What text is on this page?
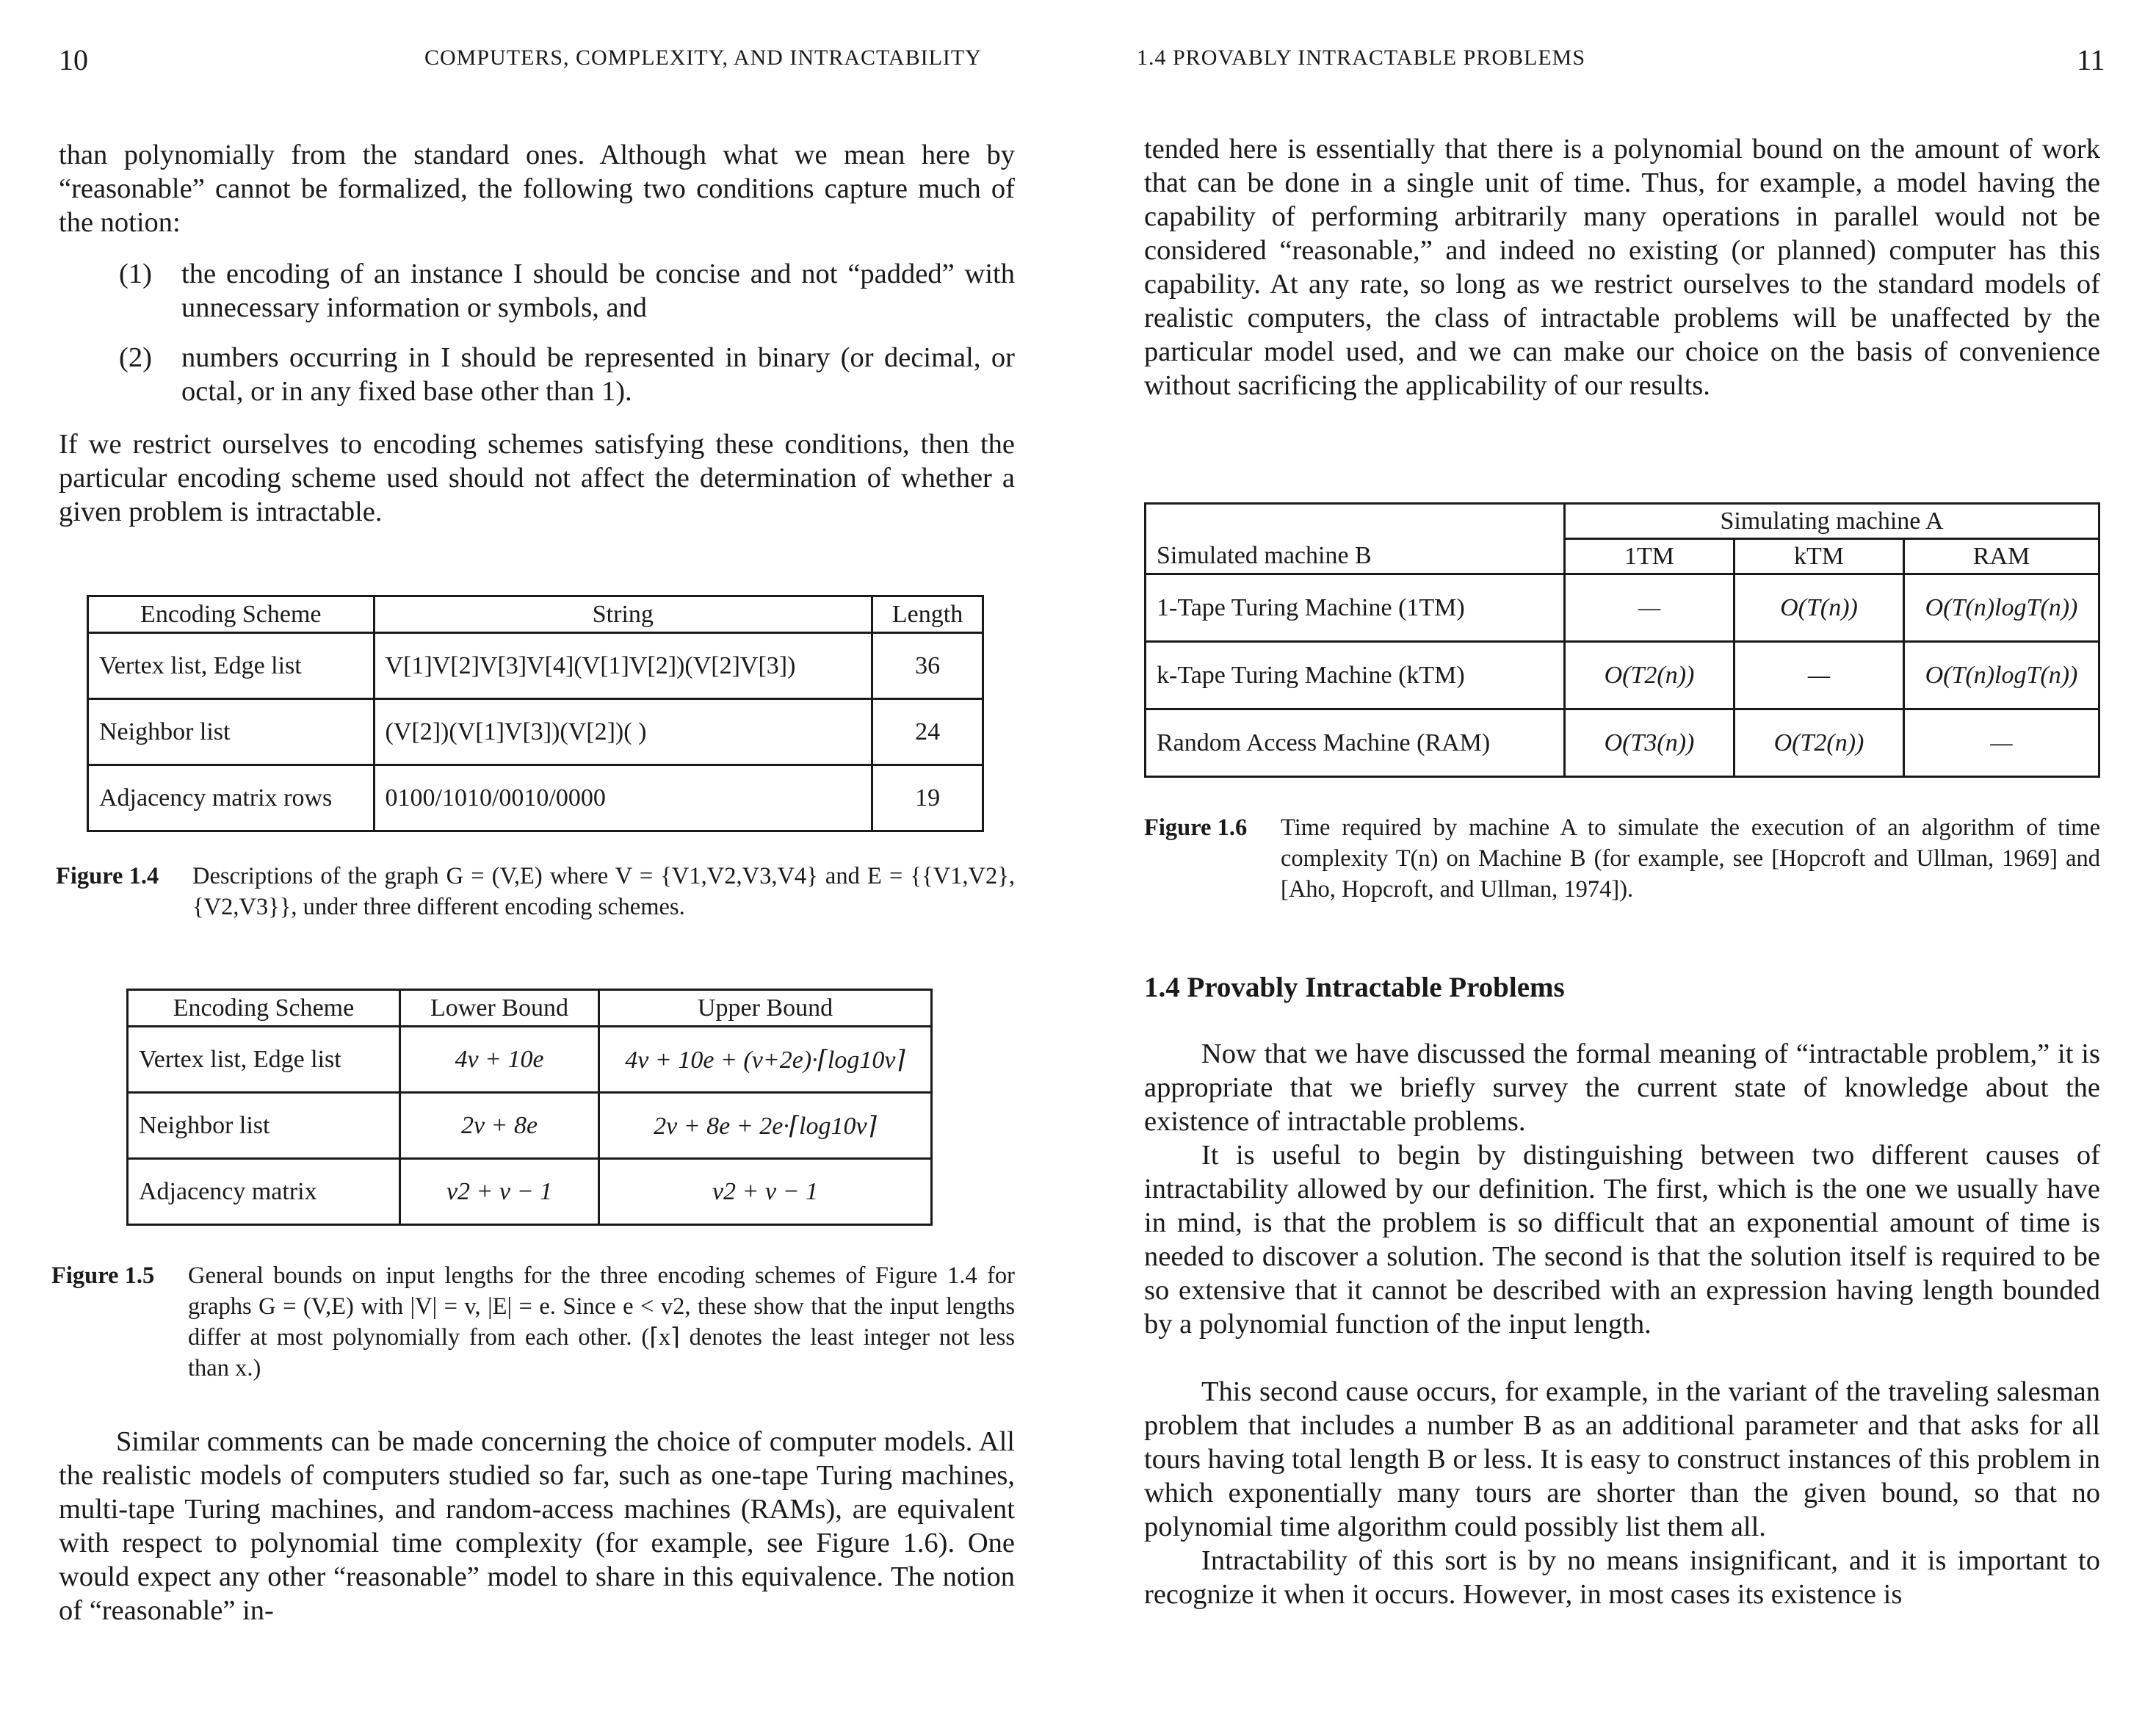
10	COMPUTERS, COMPLEXITY, AND INTRACTABILITY

than polynomially from the standard ones. Although what we mean here by “reasonable” cannot be formalized, the following two conditions capture much of the notion:

(1) the encoding of an instance I should be concise and not “padded” with unnecessary information or symbols, and
(2) numbers occurring in I should be represented in binary (or decimal, or octal, or in any fixed base other than 1).

If we restrict ourselves to encoding schemes satisfying these conditions, then the particular encoding scheme used should not affect the determination of whether a given problem is intractable.

Encoding Scheme	String	Length
Vertex list, Edge list	V[1]V[2]V[3]V[4](V[1]V[2])(V[2]V[3])	36
Neighbor list	(V[2])(V[1]V[3])(V[2])( )	24
Adjacency matrix rows	0100/1010/0010/0000	19
Figure 1.4 Descriptions of the graph G = (V,E) where V = {V1,V2,V3,V4} and E = {{V1,V2},{V2,V3}}, under three different encoding schemes.
Encoding Scheme	Lower Bound	Upper Bound
Vertex list, Edge list	4v + 10e	4v + 10e + (v+2e)·⌈log10v⌉
Neighbor list	2v + 8e	2v + 8e + 2e·⌈log10v⌉
Adjacency matrix	v2 + v − 1	v2 + v − 1
Figure 1.5 General bounds on input lengths for the three encoding schemes of Figure 1.4 for graphs G = (V,E) with |V| = v, |E| = e. Since e < v2, these show that the input lengths differ at most polynomially from each other. (⌈x⌉ denotes the least integer not less than x.)

Similar comments can be made concerning the choice of computer models. All the realistic models of computers studied so far, such as one-tape Turing machines, multi-tape Turing machines, and random-access machines (RAMs), are equivalent with respect to polynomial time complexity (for example, see Figure 1.6). One would expect any other “reasonable” model to share in this equivalence. The notion of “reasonable” in-

1.4 PROVABLY INTRACTABLE PROBLEMS	11

tended here is essentially that there is a polynomial bound on the amount of work that can be done in a single unit of time. Thus, for example, a model having the capability of performing arbitrarily many operations in parallel would not be considered “reasonable,” and indeed no existing (or planned) computer has this capability. At any rate, so long as we restrict ourselves to the standard models of realistic computers, the class of intractable problems will be unaffected by the particular model used, and we can make our choice on the basis of convenience without sacrificing the applicability of our results.

Simulated machine B	Simulating machine A		
	1TM	kTM	RAM
1-Tape Turing Machine (1TM)	—	O(T(n))	O(T(n)logT(n))
k-Tape Turing Machine (kTM)	O(T2(n))	—	O(T(n)logT(n))
Random Access Machine (RAM)	O(T3(n))	O(T2(n))	—
Figure 1.6 Time required by machine A to simulate the execution of an algorithm of time complexity T(n) on Machine B (for example, see [Hopcroft and Ullman, 1969] and [Aho, Hopcroft, and Ullman, 1974]).
1.4 Provably Intractable Problems

Now that we have discussed the formal meaning of “intractable problem,” it is appropriate that we briefly survey the current state of knowledge about the existence of intractable problems.

It is useful to begin by distinguishing between two different causes of intractability allowed by our definition. The first, which is the one we usually have in mind, is that the problem is so difficult that an exponential amount of time is needed to discover a solution. The second is that the solution itself is required to be so extensive that it cannot be described with an expression having length bounded by a polynomial function of the input length.

This second cause occurs, for example, in the variant of the traveling salesman problem that includes a number B as an additional parameter and that asks for all tours having total length B or less. It is easy to construct instances of this problem in which exponentially many tours are shorter than the given bound, so that no polynomial time algorithm could possibly list them all.

Intractability of this sort is by no means insignificant, and it is important to recognize it when it occurs. However, in most cases its existence is
